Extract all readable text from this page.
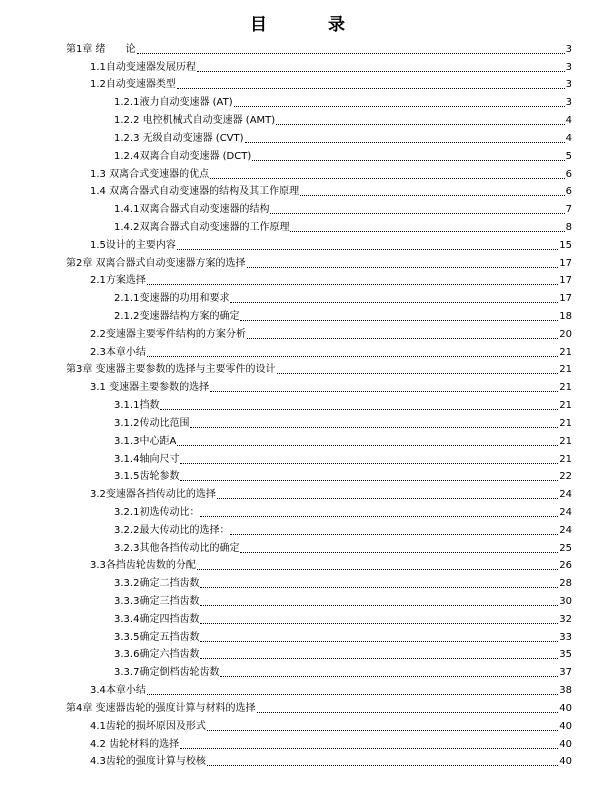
目　录
第1章 绪　　论	3
1.1自动变速器发展历程	3
1.2自动变速器类型	3
1.2.1液力自动变速器 (AT)	3
1.2.2 电控机械式自动变速器 (AMT)	4
1.2.3 无级自动变速器 (CVT)	4
1.2.4双离合自动变速器 (DCT)	5
1.3 双离合式变速器的优点	6
1.4 双离合器式自动变速器的结构及其工作原理	6
1.4.1双离合器式自动变速器的结构	7
1.4.2双离合器式自动变速器的工作原理	8
1.5设计的主要内容	15
第2章 双离合器式自动变速器方案的选择	17
2.1方案选择	17
2.1.1变速器的功用和要求	17
2.1.2变速器结构方案的确定	18
2.2变速器主要零件结构的方案分析	20
2.3本章小结	21
第3章 变速器主要参数的选择与主要零件的设计	21
3.1 变速器主要参数的选择	21
3.1.1挡数	21
3.1.2传动比范围	21
3.1.3中心距A	21
3.1.4轴向尺寸	21
3.1.5齿轮参数	22
3.2变速器各挡传动比的选择	24
3.2.1初选传动比：	24
3.2.2最大传动比的选择：	24
3.2.3其他各挡传动比的确定	25
3.3各挡齿轮齿数的分配	26
3.3.2确定二挡齿数	28
3.3.3确定三挡齿数	30
3.3.4确定四挡齿数	32
3.3.5确定五挡齿数	33
3.3.6确定六挡齿数	35
3.3.7确定倒档齿轮齿数	37
3.4本章小结	38
第4章 变速器齿轮的强度计算与材料的选择	40
4.1齿轮的损坏原因及形式	40
4.2 齿轮材料的选择	40
4.3齿轮的强度计算与校核	40
